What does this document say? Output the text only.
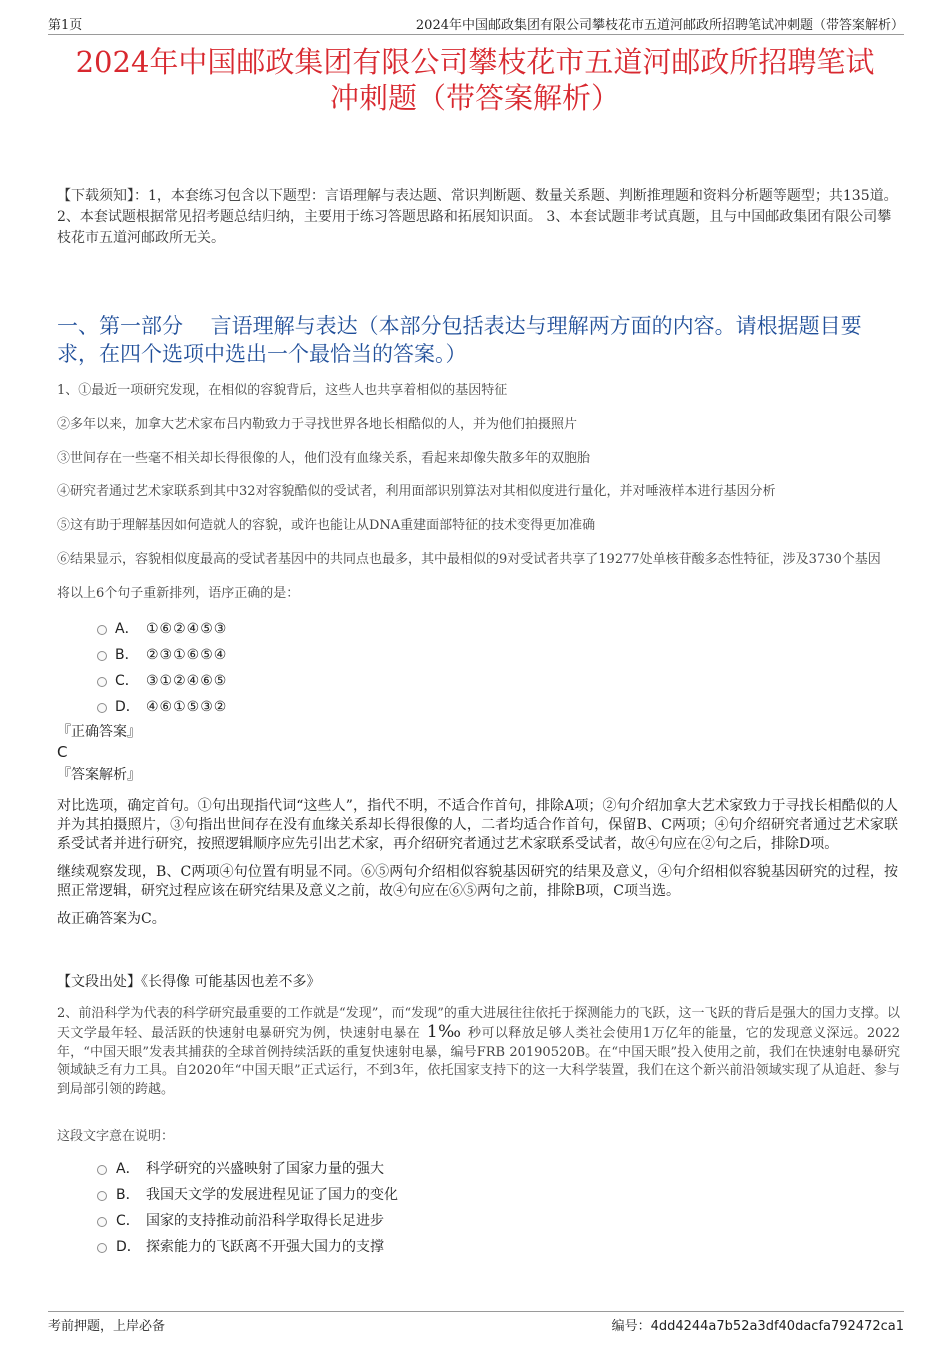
第1页	2024年中国邮政集团有限公司攀枝花市五道河邮政所招聘笔试冲刺题（带答案解析）
2024年中国邮政集团有限公司攀枝花市五道河邮政所招聘笔试
冲刺题（带答案解析）
【下载须知】：1，本套练习包含以下题型：言语理解与表达题、常识判断题、数量关系题、判断推理题和资料分析题等题型；共135道。 2、本套试题根据常见招考题总结归纳，主要用于练习答题思路和拓展知识面。 3、本套试题非考试真题，且与中国邮政集团有限公司攀枝花市五道河邮政所无关。
一、第一部分　 言语理解与表达（本部分包括表达与理解两方面的内容。请根据题目要求，在四个选项中选出一个最恰当的答案。）
1、①最近一项研究发现，在相似的容貌背后，这些人也共享着相似的基因特征
②多年以来，加拿大艺术家布吕内勒致力于寻找世界各地长相酷似的人，并为他们拍摄照片
③世间存在一些毫不相关却长得很像的人，他们没有血缘关系，看起来却像失散多年的双胞胎
④研究者通过艺术家联系到其中32对容貌酷似的受试者，利用面部识别算法对其相似度进行量化，并对唾液样本进行基因分析
⑤这有助于理解基因如何造就人的容貌，或许也能让从DNA重建面部特征的技术变得更加准确
⑥结果显示，容貌相似度最高的受试者基因中的共同点也最多，其中最相似的9对受试者共享了19277处单核苷酸多态性特征，涉及3730个基因
将以上6个句子重新排列，语序正确的是：
A． ①⑥②④⑤③
B． ②③①⑥⑤④
C． ③①②④⑥⑤
D． ④⑥①⑤③②
『正确答案』
C
『答案解析』

对比选项，确定首句。①句出现指代词“这些人”，指代不明，不适合作首句，排除A项；②句介绍加拿大艺术家致力于寻找长相酷似的人并为其拍摄照片，③句指出世间存在没有血缘关系却长得很像的人，二者均适合作首句，保留B、C两项；④句介绍研究者通过艺术家联系受试者并进行研究，按照逻辑顺序应先引出艺术家，再介绍研究者通过艺术家联系受试者，故④句应在②句之后，排除D项。

继续观察发现，B、C两项④句位置有明显不同。⑥⑤两句介绍相似容貌基因研究的结果及意义，④句介绍相似容貌基因研究的过程，按照正常逻辑，研究过程应该在研究结果及意义之前，故④句应在⑥⑤两句之前，排除B项，C项当选。

故正确答案为C。

【文段出处】《长得像 可能基因也差不多》
2、前沿科学为代表的科学研究最重要的工作就是“发现”，而“发现”的重大进展往往依托于探测能力的飞跃，这一飞跃的背后是强大的国力支撑。以天文学最年轻、最活跃的快速射电暴研究为例，快速射电暴在 1‰ 秒可以释放足够人类社会使用1万亿年的能量，它的发现意义深远。2022年，“中国天眼”发表其捕获的全球首例持续活跃的重复快速射电暴，编号FRB 20190520B。在“中国天眼”投入使用之前，我们在快速射电暴研究领域缺乏有力工具。自2020年“中国天眼”正式运行，不到3年，依托国家支持下的这一大科学装置，我们在这个新兴前沿领域实现了从追赶、参与到局部引领的跨越。
这段文字意在说明：
A． 科学研究的兴盛映射了国家力量的强大
B． 我国天文学的发展进程见证了国力的变化
C． 国家的支持推动前沿科学取得长足进步
D． 探索能力的飞跃离不开强大国力的支撑
考前押题，上岸必备	编号：4dd4244a7b52a3df40dacfa792472ca1
